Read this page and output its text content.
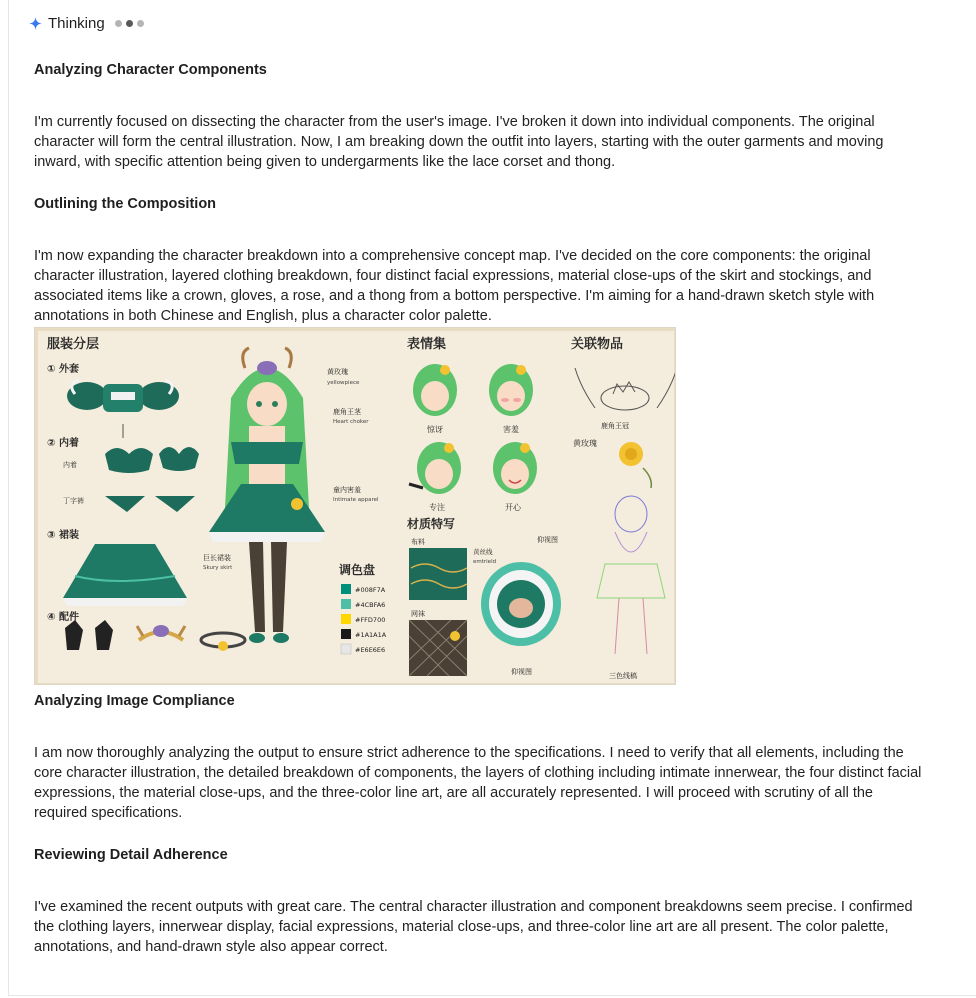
Thinking

Analyzing Character Components

I'm currently focused on dissecting the character from the user's image. I've broken it down into individual components. The original
character will form the central illustration. Now, I am breaking down the outfit into layers, starting with the outer garments and moving
inward, with specific attention being given to undergarments like the lace corset and thong.

Outlining the Composition

I'm now expanding the character breakdown into a comprehensive concept map. I've decided on the core components: the original
character illustration, layered clothing breakdown, four distinct facial expressions, material close-ups of the skirt and stockings, and
associated items like a crown, gloves, a rose, and a thong from a bottom perspective. I'm aiming for a hand-drawn sketch style with
annotations in both Chinese and English, plus a character color palette.

服装分层
① 外套
② 内着
③ 裙装
④ 配件
内着
丁字裤
黄玫瑰
yellowpiece
鹿角王茎
Heart choker
童内害羞
Intimate apparel
巨长裙装
Skury skirt	调色盘
#008F7A
#4CBFA6
#FFD700
#1A1A1A
#E6E6E6
表情集
惊讶	害羞
专注	开心
材质特写
布料
黄丝线
emtrield
网袜
仰视图
仰视图
关联物品
鹿角王冠
黄玫瑰
三色线稿

Analyzing Image Compliance

I am now thoroughly analyzing the output to ensure strict adherence to the specifications. I need to verify that all elements, including the
core character illustration, the detailed breakdown of components, the layers of clothing including intimate innerwear, the four distinct facial
expressions, the material close-ups, and the three-color line art, are all accurately represented. I will proceed with scrutiny of all the
required specifications.

Reviewing Detail Adherence

I've examined the recent outputs with great care. The central character illustration and component breakdowns seem precise. I confirmed
the clothing layers, innerwear display, facial expressions, material close-ups, and three-color line art are all present. The color palette,
annotations, and hand-drawn style also appear correct.
